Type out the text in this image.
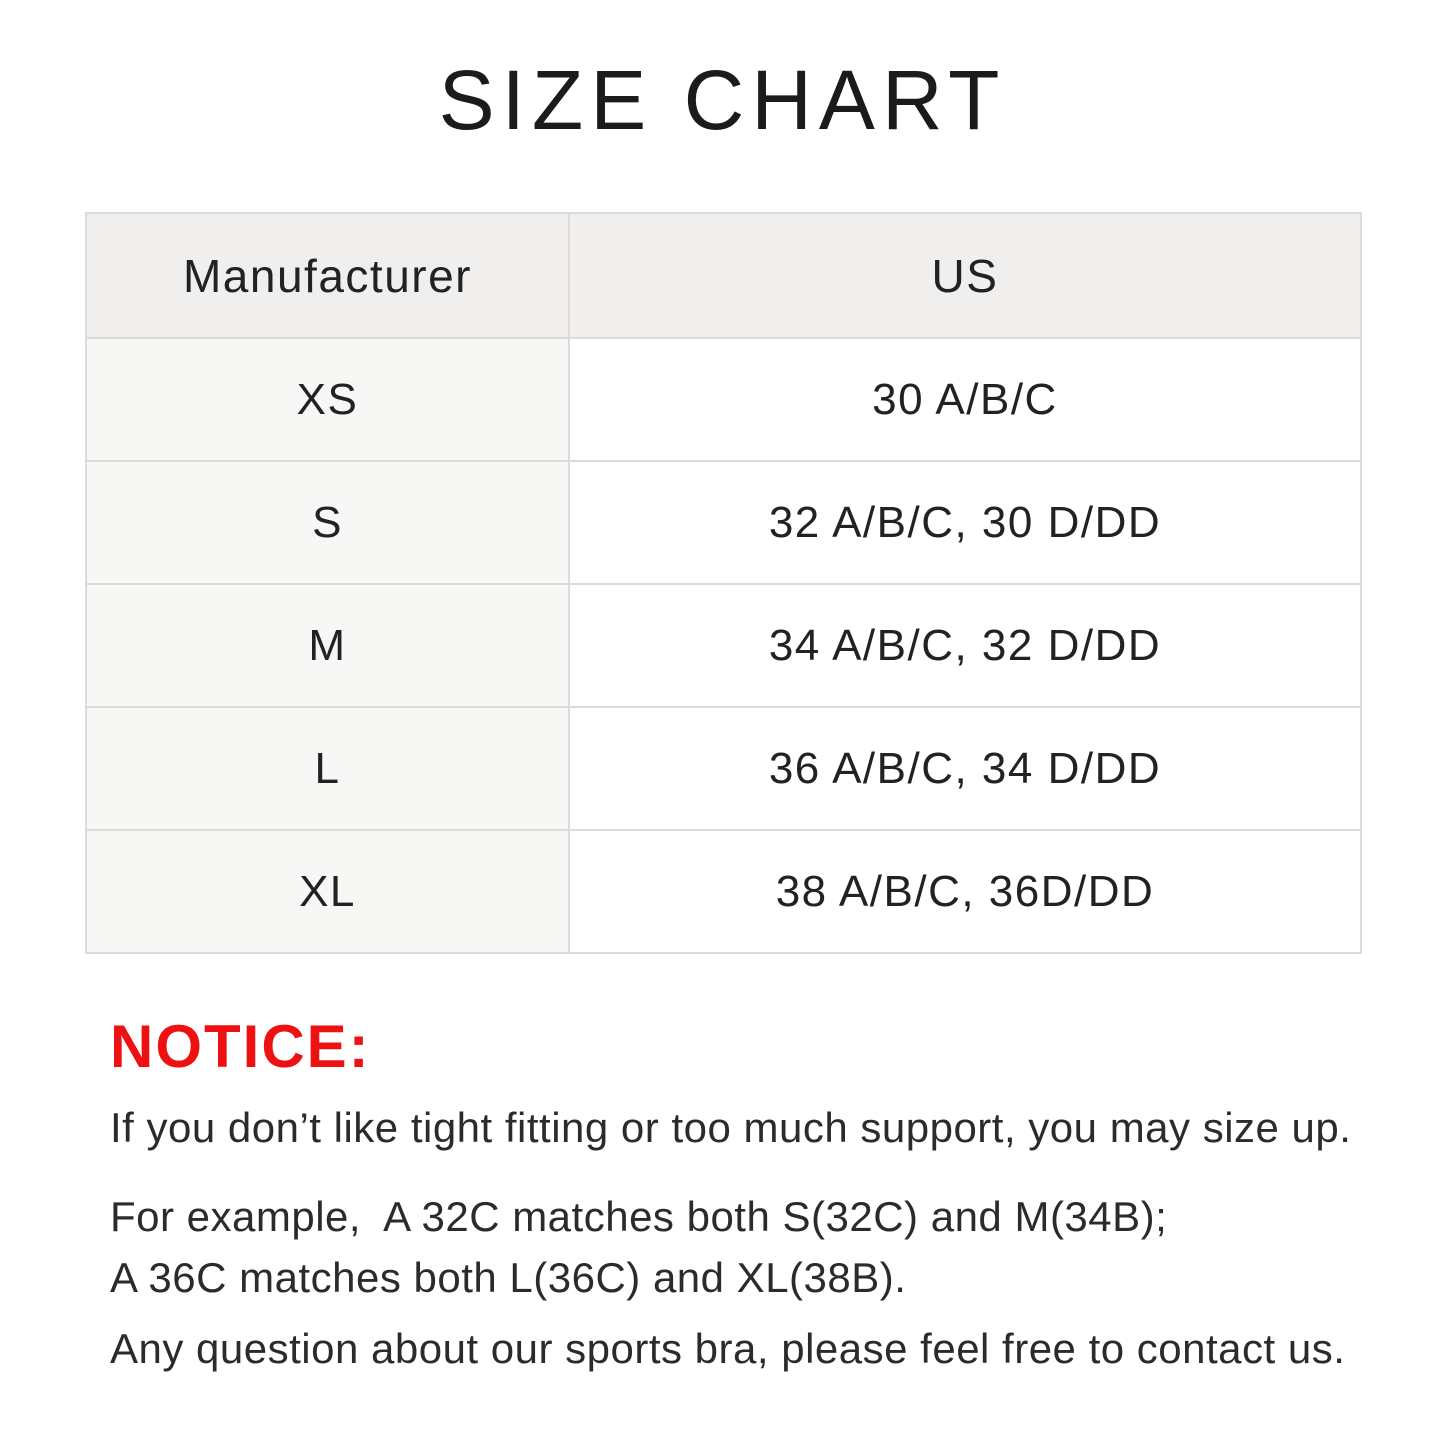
SIZE CHART
Manufacturer	US
XS	30 A/B/C
S	32 A/B/C, 30 D/DD
M	34 A/B/C, 32 D/DD
L	36 A/B/C, 34 D/DD
XL	38 A/B/C, 36D/DD
NOTICE:

If you don’t like tight fitting or too much support, you may size up.

For example,  A 32C matches both S(32C) and M(34B);
A 36C matches both L(36C) and XL(38B).

Any question about our sports bra, please feel free to contact us.
